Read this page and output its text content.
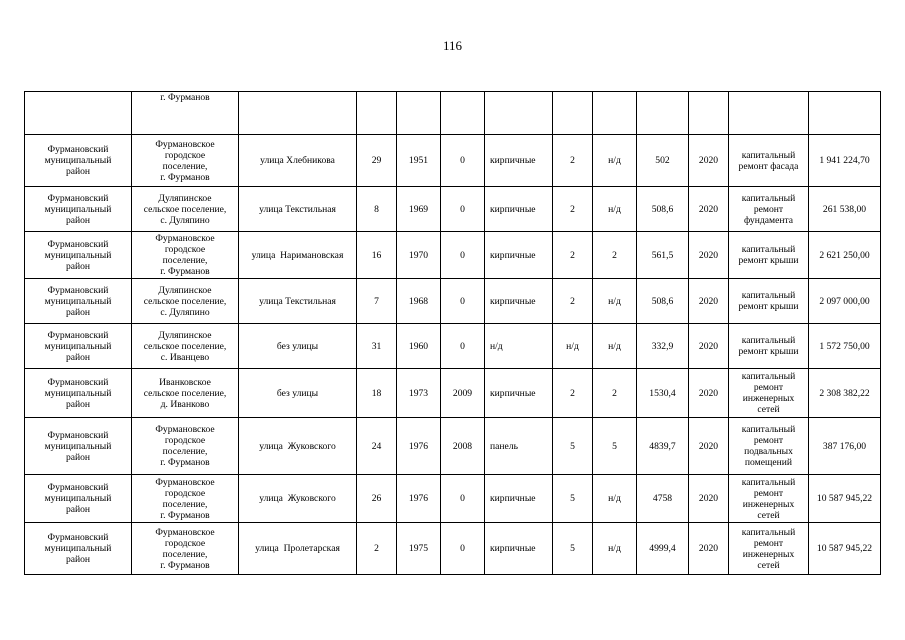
116
	г. Фурманов											
Фурмановский
муниципальный
район	Фурмановское
городское
поселение,
г. Фурманов	улица Хлебникова	29	1951	0	кирпичные	2	н/д	502	2020	капитальный
ремонт фасада	1 941 224,70
Фурмановский
муниципальный
район	Дуляпинское
сельское поселение,
с. Дуляпино	улица Текстильная	8	1969	0	кирпичные	2	н/д	508,6	2020	капитальный
ремонт
фундамента	261 538,00
Фурмановский
муниципальный
район	Фурмановское
городское
поселение,
г. Фурманов	улица  Наримановская	16	1970	0	кирпичные	2	2	561,5	2020	капитальный
ремонт крыши	2 621 250,00
Фурмановский
муниципальный
район	Дуляпинское
сельское поселение,
с. Дуляпино	улица Текстильная	7	1968	0	кирпичные	2	н/д	508,6	2020	капитальный
ремонт крыши	2 097 000,00
Фурмановский
муниципальный
район	Дуляпинское
сельское поселение,
с. Иванцево	без улицы	31	1960	0	н/д	н/д	н/д	332,9	2020	капитальный
ремонт крыши	1 572 750,00
Фурмановский
муниципальный
район	Иванковское
сельское поселение,
д. Иванково	без улицы	18	1973	2009	кирпичные	2	2	1530,4	2020	капитальный
ремонт
инженерных
сетей	2 308 382,22
Фурмановский
муниципальный
район	Фурмановское
городское
поселение,
г. Фурманов	улица  Жуковского	24	1976	2008	панель	5	5	4839,7	2020	капитальный
ремонт
подвальных
помещений	387 176,00
Фурмановский
муниципальный
район	Фурмановское
городское
поселение,
г. Фурманов	улица  Жуковского	26	1976	0	кирпичные	5	н/д	4758	2020	капитальный
ремонт
инженерных
сетей	10 587 945,22
Фурмановский
муниципальный
район	Фурмановское
городское
поселение,
г. Фурманов	улица  Пролетарская	2	1975	0	кирпичные	5	н/д	4999,4	2020	капитальный
ремонт
инженерных
сетей	10 587 945,22
